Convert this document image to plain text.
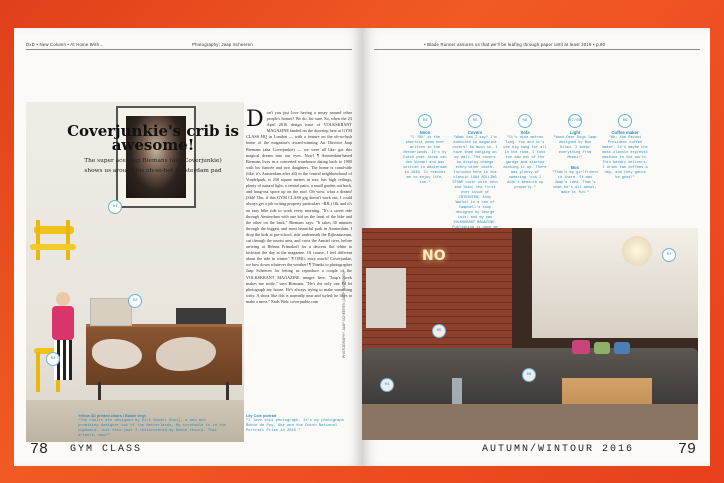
DxD • New Column • At Home With…	Photography: Jaap Scheeren
01
02
03
Coverjunkie's crib is awesome!
The super ace Jaap Biemans (aka Coverjunkie)
shows us around his oh-so-hot Amsterdam pad
Don't you just love having a nosey around other people's homes? We do, for sure. So, when the 23 April 2016 design issue of VOLKSKRANT MAGAZINE landed on the doorstep here at GYM CLASS HQ in London — with a feature on the oh-so-lush home of the magazine's award-winning Art Director Jaap Biemans (aka Coverjunkie) — we were all like: got this magical dream into our eyes. Now! ¶ Amsterdam-based Biemans lives in a converted warehouse dating back to 1900 with his fiancée and two daughters. The home is canal-side (like, it's Amsterdam after all) in the central neighbourhood of Vondelpark, is 250 square metres in size, has high ceilings, plenty of natural light, a central patio, a small garden out back, and hang-out space up on the roof. Oh wow, what a dream! (Shh! Tbu, if this GYM CLASS gig doesn't work out, I could always get a job writing property particulars ~BJL) Oh, and it's an easy bike ride to work every morning. "It's a sweet ride through Amsterdam with one kid on the front of the bike and the other on the back," Biemans says. "It takes 30 minutes through the biggest and most beautiful park in Amsterdam. I drop the kids at pre-school, ride underneath the Rijksmuseum, cut through the tourist area, and cross the Amstel river, before arriving at Helena Primakoff for a descent flat white to kickstart the day at the magazine. Of course, I feel different about the ride in winter." ¶ OMG, envy much? Coverjunkie, we bow down whatever the weather! ¶ Thanks to photographer Jaap Scheeren for letting us reproduce a couple of the VOLKSKRANT MAGAZINE images here. "Jaap's work makes me smile," says Biemans. "He's the only one I'd let photograph my house. He's always trying to make something witty. A shoot like this is normally neat and styled; he likes to make a mess." Ends Web: coverjunkie.com
Yellow 3D printed chairs / Bowie vinyl
"The chairs are designed by Dirk Vander Kooij, a new and promising designer out of the Netherlands. My turntable is in the cupboard. Just this year I rediscovered my Bowie record. That artwork, wow!"
Lily Cole portrait
"I love this photograph. It's my photograph Robin de Puy. She won the Dutch National Portrait Prize in 2015."
PHOTOGRAPHY JAAP SCHEEREN (JAAP SCHEEREN)
78 GYM CLASS
• Blade Runner assures us that we'll be leafing through paper until at least 2019 • p.80
04
Neon
"I 'NO' is the shortest poem ever written in the Netherlands. It's by Dutch poet Jacob van den Vondel and was written in Amsterdam in 1630. It reminds me to enjoy life, too."
05
Covers
"What can I say? I'm addicted to magazine covers! So much so, I have them hanging on my wall. The covers on display change every other month. Included here is the classic 1984 ROLLING STONE cover with John and Yoko; the first ever issue of INTERVIEW, Andy Warhol in a can of Campbell's soup designed by George Lois; and my own VOLKSKRANT MAGAZINE.
06
Sofa
"It's nine metres long. You and it's one big hang for all in the room. I took the saw out of the garage and started messing it up. There was plenty of swearing 'cos I didn't measure up properly."
07/08
Light
"Wood-Deer Dogs lamp designed by Ron Gilad. I swear everything from Moooi!"
Box
"That's my girlfriend in there. It was Jaap's idea. That's what he's all about, make it fun."
09
Coffee maker
"Ah, the Pavoni President coffee maker. It's maybe the most-classic espresso machine in the world. This beauty delivers. I drink two coffees a day, and they gotta be good!"
NO
04
05
06
07
AUTUMN/WINTOUR 2016	79
